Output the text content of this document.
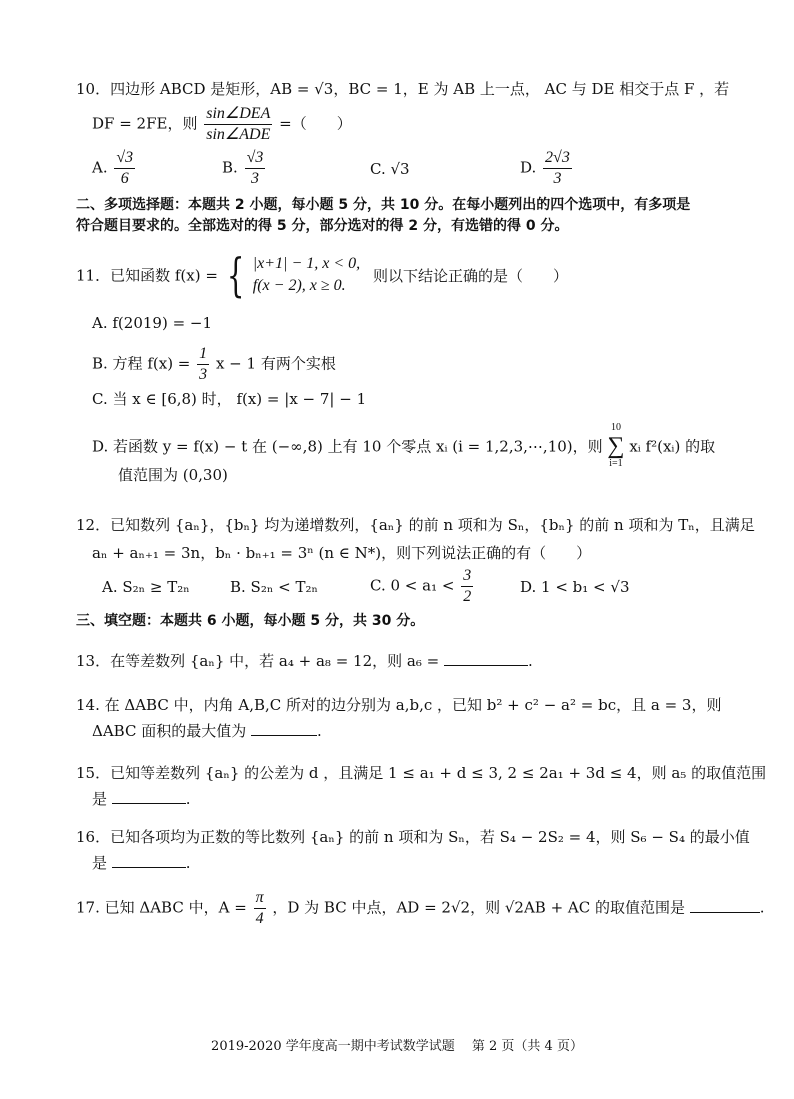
10．四边形 ABCD 是矩形，AB = √3，BC = 1，E 为 AB 上一点， AC 与 DE 相交于点 F ，若
DF = 2FE，则 $\frac{\text{sin∠DEA}}{\text{sin∠ADE}}$ =（　　）
A. $\frac{√3}{6}$	B. $\frac{√3}{3}$	C. √3	D. $\frac{2√3}{3}$
二、多项选择题：本题共 2 小题，每小题 5 分，共 10 分。在每小题列出的四个选项中，有多项是
符合题目要求的。全部选对的得 5 分，部分选对的得 2 分，有选错的得 0 分。
11．已知函数 f(x) = { |x+1| − 1, x < 0,
f(x − 2), x ≥ 0.
则以下结论正确的是（　　）
A. f(2019) = −1
B. 方程 $f(x) = \frac{1}{3}$ x − 1 有两个实根
C. 当 x ∈ [6,8) 时， f(x) = |x − 7| − 1
D. 若函数 y = f(x) − t 在 (−∞,8) 上有 10 个零点 xᵢ (i = 1,2,3,⋯,10)，则
10
∑
i=1
xᵢ f²(xᵢ) 的取
值范围为 (0,30)
12．已知数列 {aₙ}，{bₙ} 均为递增数列，{aₙ} 的前 n 项和为 Sₙ，{bₙ} 的前 n 项和为 Tₙ，且满足
aₙ + aₙ₊₁ = 3n，bₙ · bₙ₊₁ = 3ⁿ (n ∈ N*)，则下列说法正确的有（　　）
A. S₂ₙ ≥ T₂ₙ	B. S₂ₙ < T₂ₙ	C. $0 < a_1 < \frac{3}{2}$	D. 1 < b₁ < √3
三、填空题：本题共 6 小题，每小题 5 分，共 30 分。
13．在等差数列 {aₙ} 中，若 a₄ + a₈ = 12，则 a₆ =	.
14. 在 ΔABC 中，内角 A,B,C 所对的边分别为 a,b,c ，已知 b² + c² − a² = bc，且 a = 3，则
ΔABC 面积的最大值为	.
15．已知等差数列 {aₙ} 的公差为 d ，且满足 1 ≤ a₁ + d ≤ 3, 2 ≤ 2a₁ + 3d ≤ 4，则 a₅ 的取值范围
是	.
16．已知各项均为正数的等比数列 {aₙ} 的前 n 项和为 Sₙ，若 S₄ − 2S₂ = 4，则 S₆ − S₄ 的最小值
是	.
17. 已知 ΔABC 中，$A = \frac{\pi}{4}$ ，D 为 BC 中点，AD = 2√2，则 √2AB + AC 的取值范围是	.
2019-2020 学年度高一期中考试数学试题　 第 2 页（共 4 页）
